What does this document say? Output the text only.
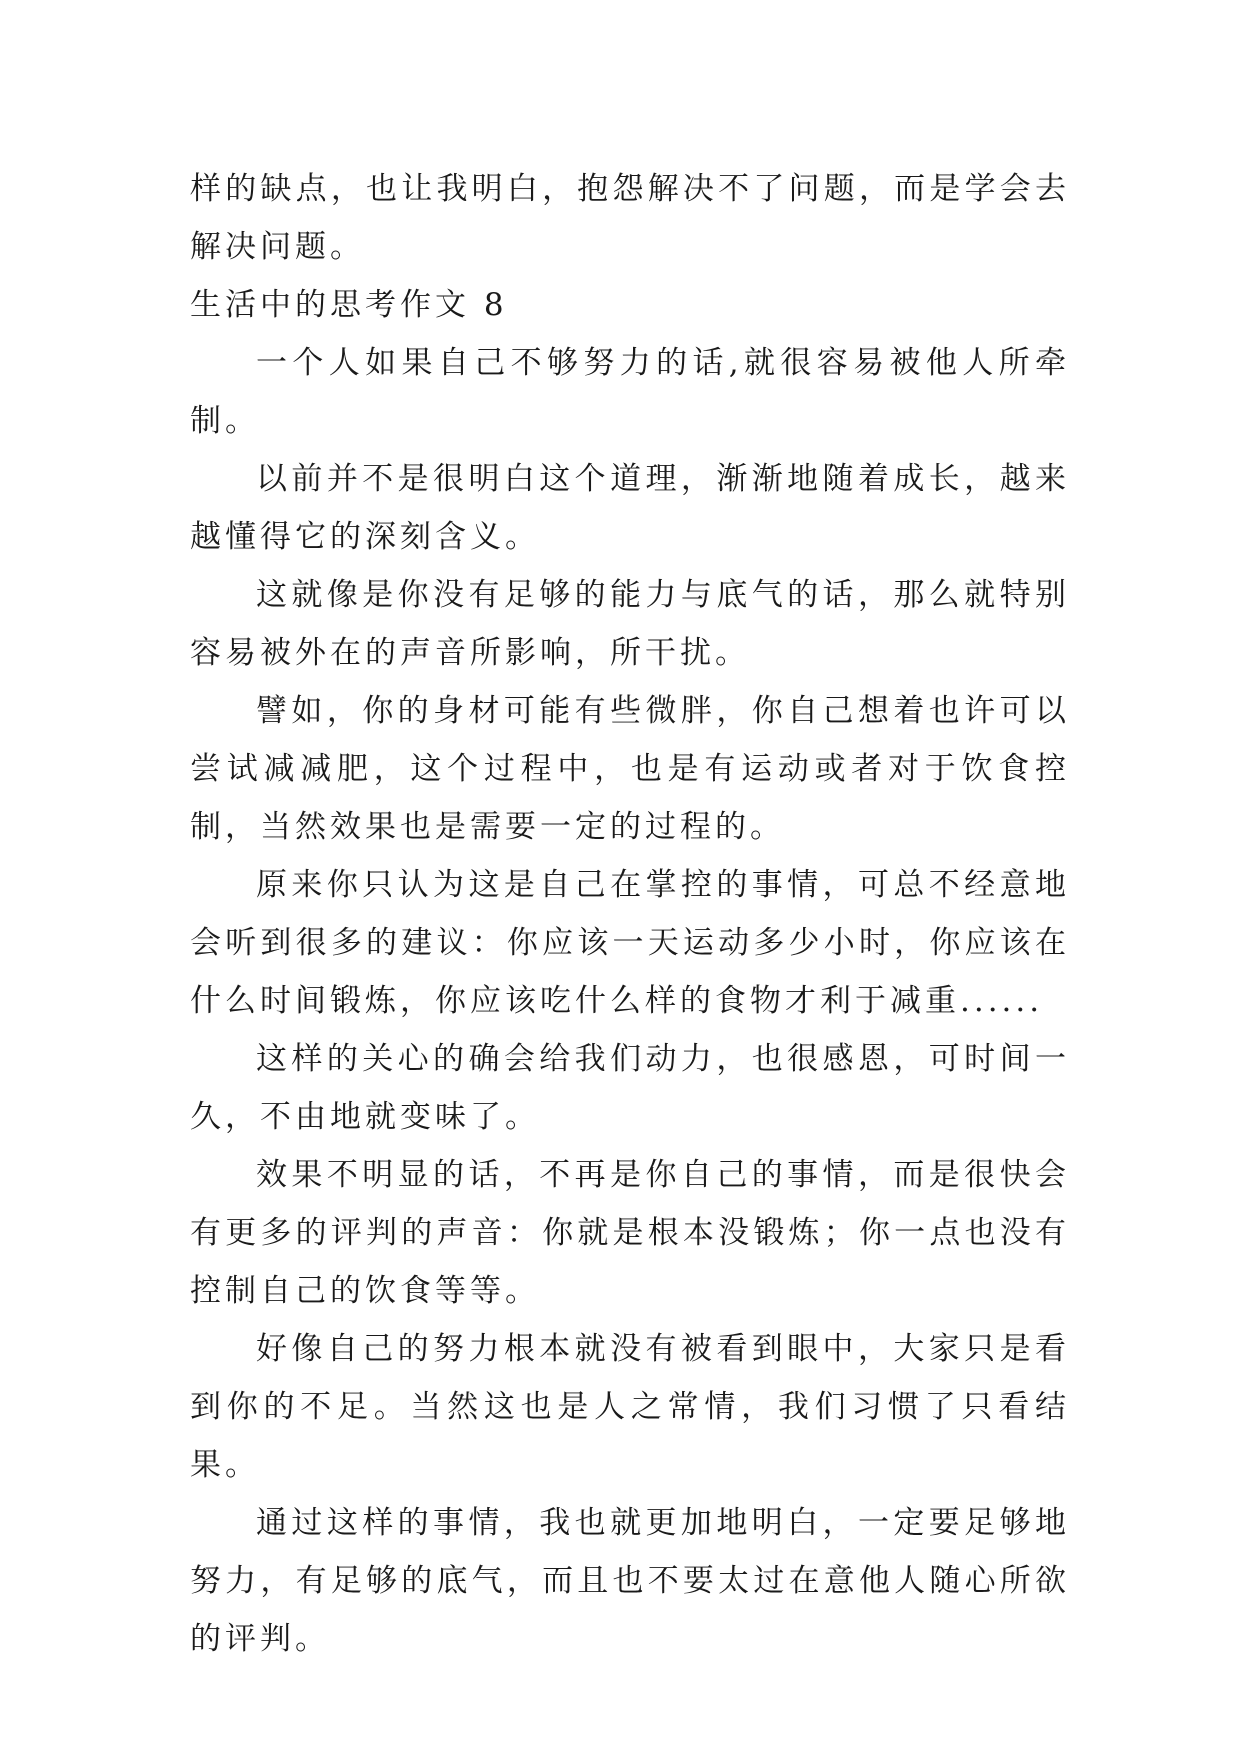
样的缺点，也让我明白，抱怨解决不了问题，而是学会去解决问题。

生活中的思考作文 8

一个人如果自己不够努力的话,就很容易被他人所牵制。

以前并不是很明白这个道理，渐渐地随着成长，越来越懂得它的深刻含义。

这就像是你没有足够的能力与底气的话，那么就特别容易被外在的声音所影响，所干扰。

譬如，你的身材可能有些微胖，你自己想着也许可以尝试减减肥，这个过程中，也是有运动或者对于饮食控制，当然效果也是需要一定的过程的。

原来你只认为这是自己在掌控的事情，可总不经意地会听到很多的建议：你应该一天运动多少小时，你应该在什么时间锻炼，你应该吃什么样的食物才利于减重......

这样的关心的确会给我们动力，也很感恩，可时间一久，不由地就变味了。

效果不明显的话，不再是你自己的事情，而是很快会有更多的评判的声音：你就是根本没锻炼；你一点也没有控制自己的饮食等等。

好像自己的努力根本就没有被看到眼中，大家只是看到你的不足。当然这也是人之常情，我们习惯了只看结果。

通过这样的事情，我也就更加地明白，一定要足够地努力，有足够的底气，而且也不要太过在意他人随心所欲的评判。
